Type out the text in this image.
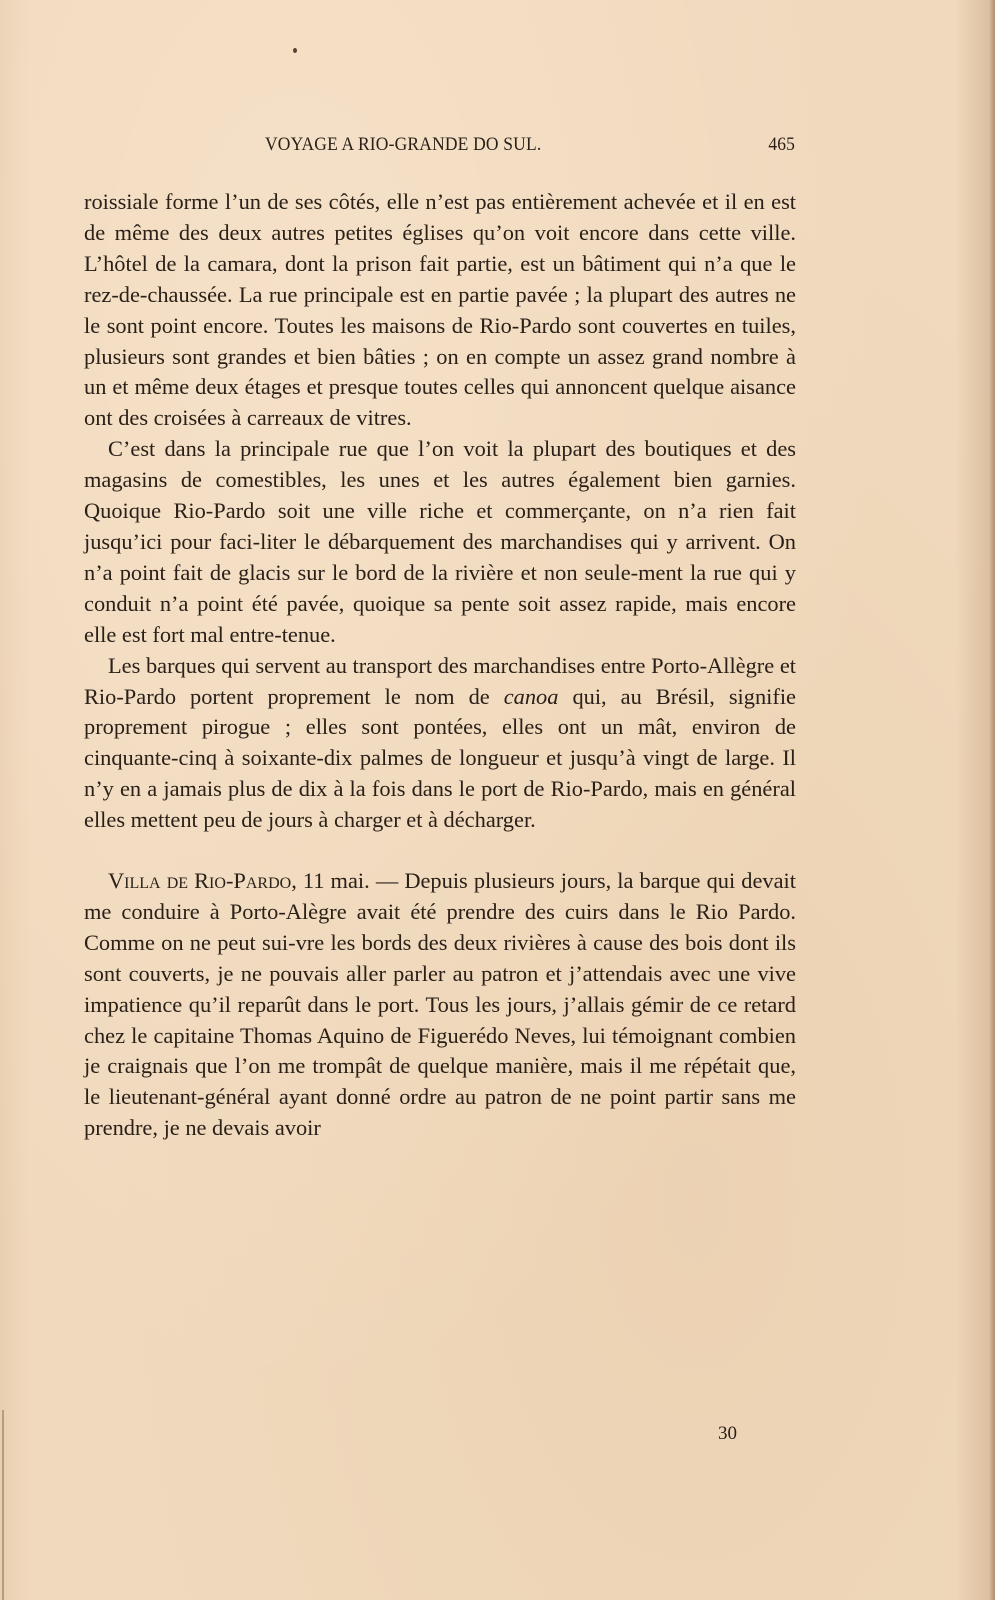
VOYAGE A RIO-GRANDE DO SUL.	465

roissiale forme l’un de ses côtés, elle n’est pas entièrement achevée et il en est de même des deux autres petites églises qu’on voit encore dans cette ville. L’hôtel de la camara, dont la prison fait partie, est un bâtiment qui n’a que le rez-de-chaussée. La rue principale est en partie pavée ; la plupart des autres ne le sont point encore. Toutes les maisons de Rio-Pardo sont couvertes en tuiles, plusieurs sont grandes et bien bâties ; on en compte un assez grand nombre à un et même deux étages et presque toutes celles qui annoncent quelque aisance ont des croisées à carreaux de vitres.

C’est dans la principale rue que l’on voit la plupart des boutiques et des magasins de comestibles, les unes et les autres également bien garnies. Quoique Rio-Pardo soit une ville riche et commerçante, on n’a rien fait jusqu’ici pour faci-liter le débarquement des marchandises qui y arrivent. On n’a point fait de glacis sur le bord de la rivière et non seule-ment la rue qui y conduit n’a point été pavée, quoique sa pente soit assez rapide, mais encore elle est fort mal entre-tenue.

Les barques qui servent au transport des marchandises entre Porto-Allègre et Rio-Pardo portent proprement le nom de canoa qui, au Brésil, signifie proprement pirogue ; elles sont pontées, elles ont un mât, environ de cinquante-cinq à soixante-dix palmes de longueur et jusqu’à vingt de large. Il n’y en a jamais plus de dix à la fois dans le port de Rio-Pardo, mais en général elles mettent peu de jours à charger et à décharger.

Villa de Rio-Pardo, 11 mai. — Depuis plusieurs jours, la barque qui devait me conduire à Porto-Alègre avait été prendre des cuirs dans le Rio Pardo. Comme on ne peut sui-vre les bords des deux rivières à cause des bois dont ils sont couverts, je ne pouvais aller parler au patron et j’attendais avec une vive impatience qu’il reparût dans le port. Tous les jours, j’allais gémir de ce retard chez le capitaine Thomas Aquino de Figuerédo Neves, lui témoignant combien je craignais que l’on me trompât de quelque manière, mais il me répétait que, le lieutenant-général ayant donné ordre au patron de ne point partir sans me prendre, je ne devais avoir

30
